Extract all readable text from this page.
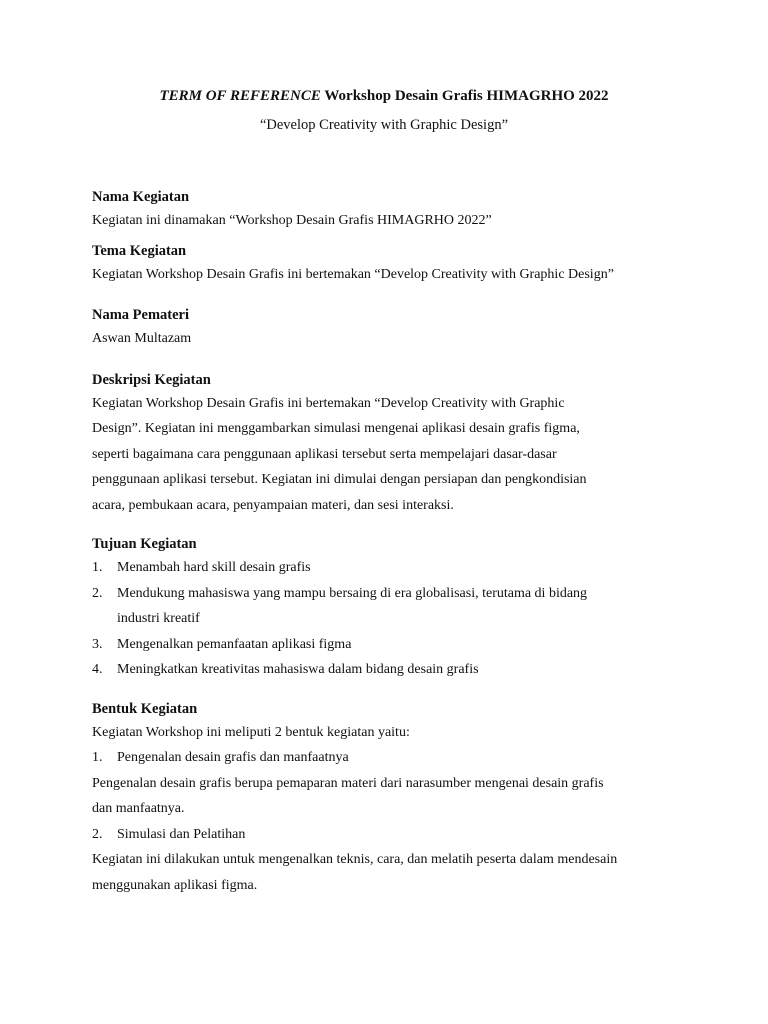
TERM OF REFERENCE Workshop Desain Grafis HIMAGRHO 2022
“Develop Creativity with Graphic Design”
Nama Kegiatan
Kegiatan ini dinamakan “Workshop Desain Grafis HIMAGRHO 2022”
Tema Kegiatan
Kegiatan Workshop Desain Grafis ini bertemakan “Develop Creativity with Graphic Design”
Nama Pemateri
Aswan Multazam
Deskripsi Kegiatan
Kegiatan Workshop Desain Grafis ini bertemakan “Develop Creativity with Graphic
Design”. Kegiatan ini menggambarkan simulasi mengenai aplikasi desain grafis figma,
seperti bagaimana cara penggunaan aplikasi tersebut serta mempelajari dasar-dasar
penggunaan aplikasi tersebut. Kegiatan ini dimulai dengan persiapan dan pengkondisian
acara, pembukaan acara, penyampaian materi, dan sesi interaksi.
Tujuan Kegiatan
1. Menambah hard skill desain grafis
2. Mendukung mahasiswa yang mampu bersaing di era globalisasi, terutama di bidang
industri kreatif
3. Mengenalkan pemanfaatan aplikasi figma
4. Meningkatkan kreativitas mahasiswa dalam bidang desain grafis
Bentuk Kegiatan
Kegiatan Workshop ini meliputi 2 bentuk kegiatan yaitu:
1. Pengenalan desain grafis dan manfaatnya
Pengenalan desain grafis berupa pemaparan materi dari narasumber mengenai desain grafis
dan manfaatnya.
2. Simulasi dan Pelatihan
Kegiatan ini dilakukan untuk mengenalkan teknis, cara, dan melatih peserta dalam mendesain
menggunakan aplikasi figma.
